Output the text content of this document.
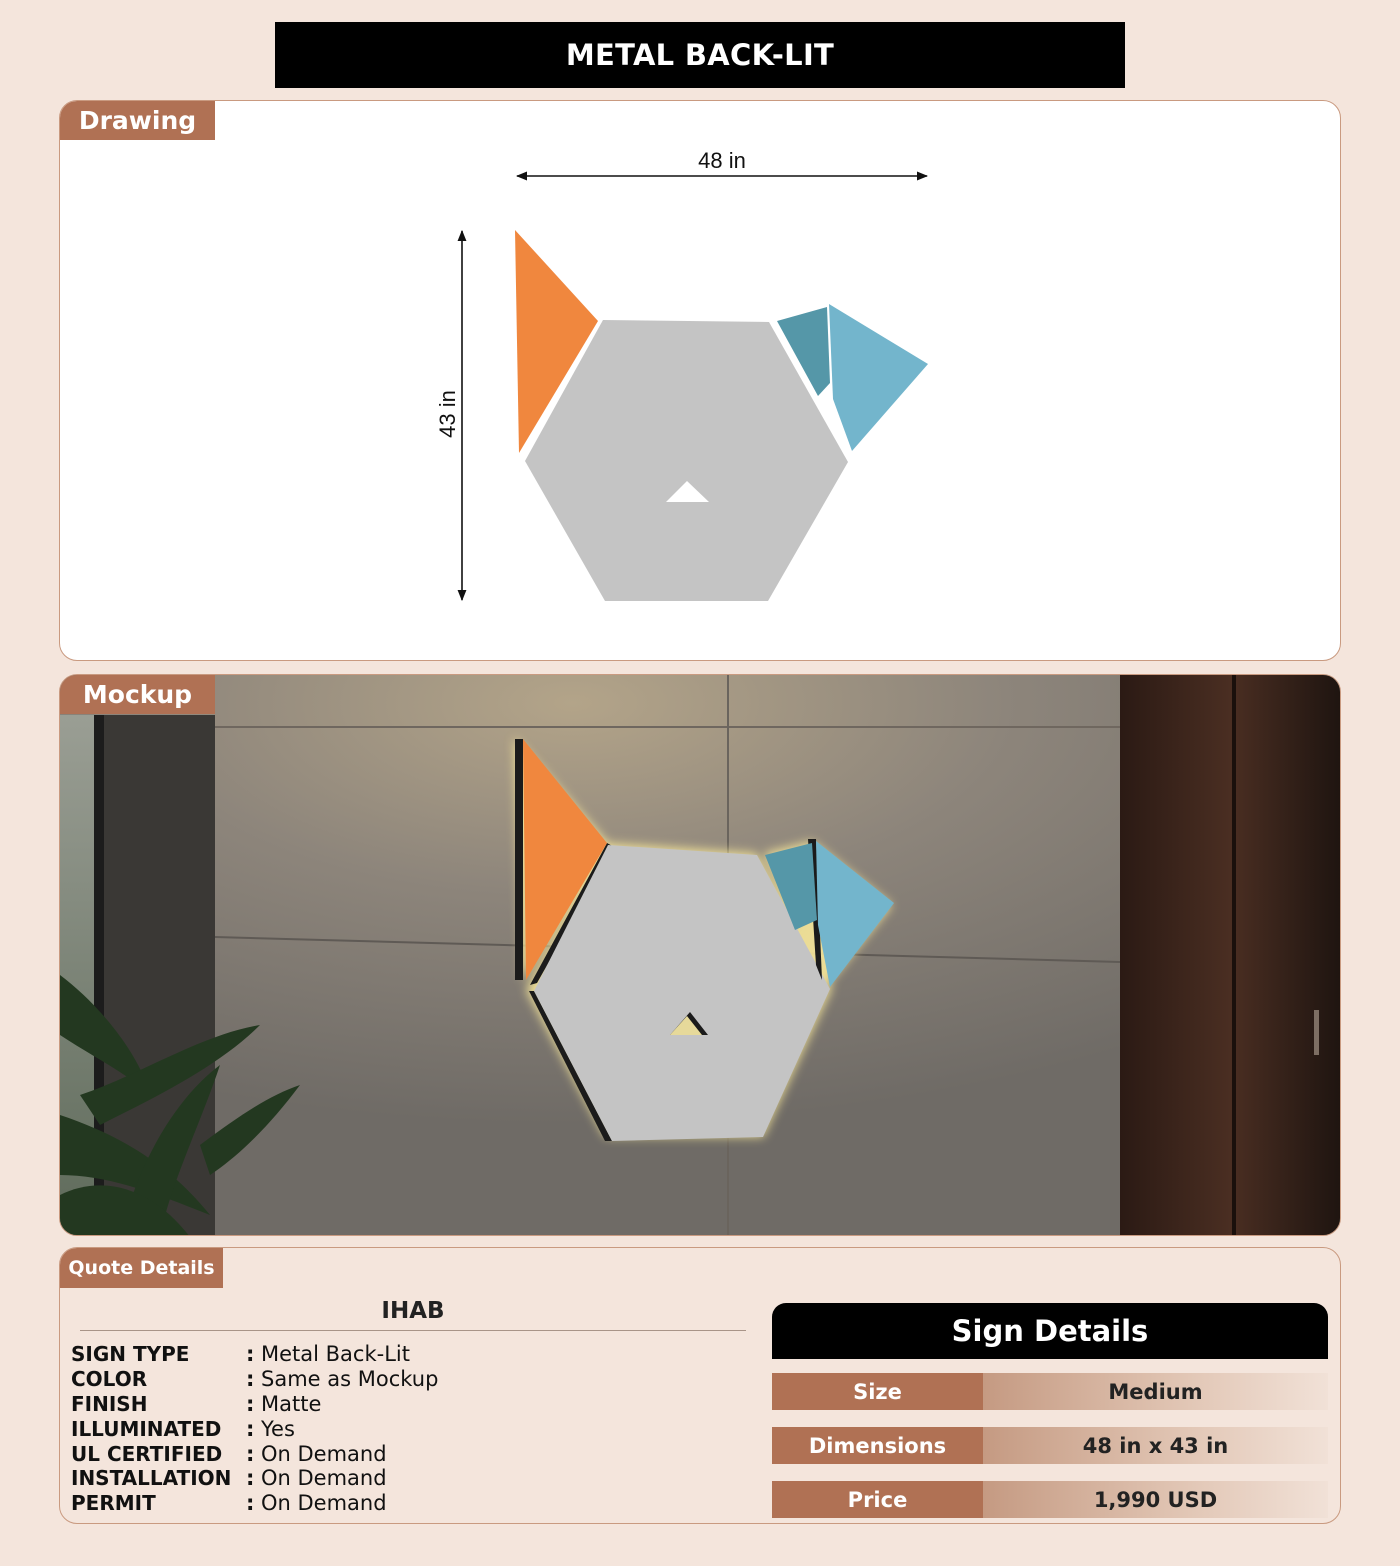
METAL BACK-LIT
Drawing
48 in
43 in
Mockup
Quote Details
IHAB
SIGN TYPE	: Metal Back-Lit
COLOR	: Same as Mockup
FINISH	: Matte
ILLUMINATED	: Yes
UL CERTIFIED	: On Demand
INSTALLATION : On Demand
PERMIT	: On Demand
Sign Details
Size	Medium
Dimensions	48 in x 43 in
Price	1,990 USD
